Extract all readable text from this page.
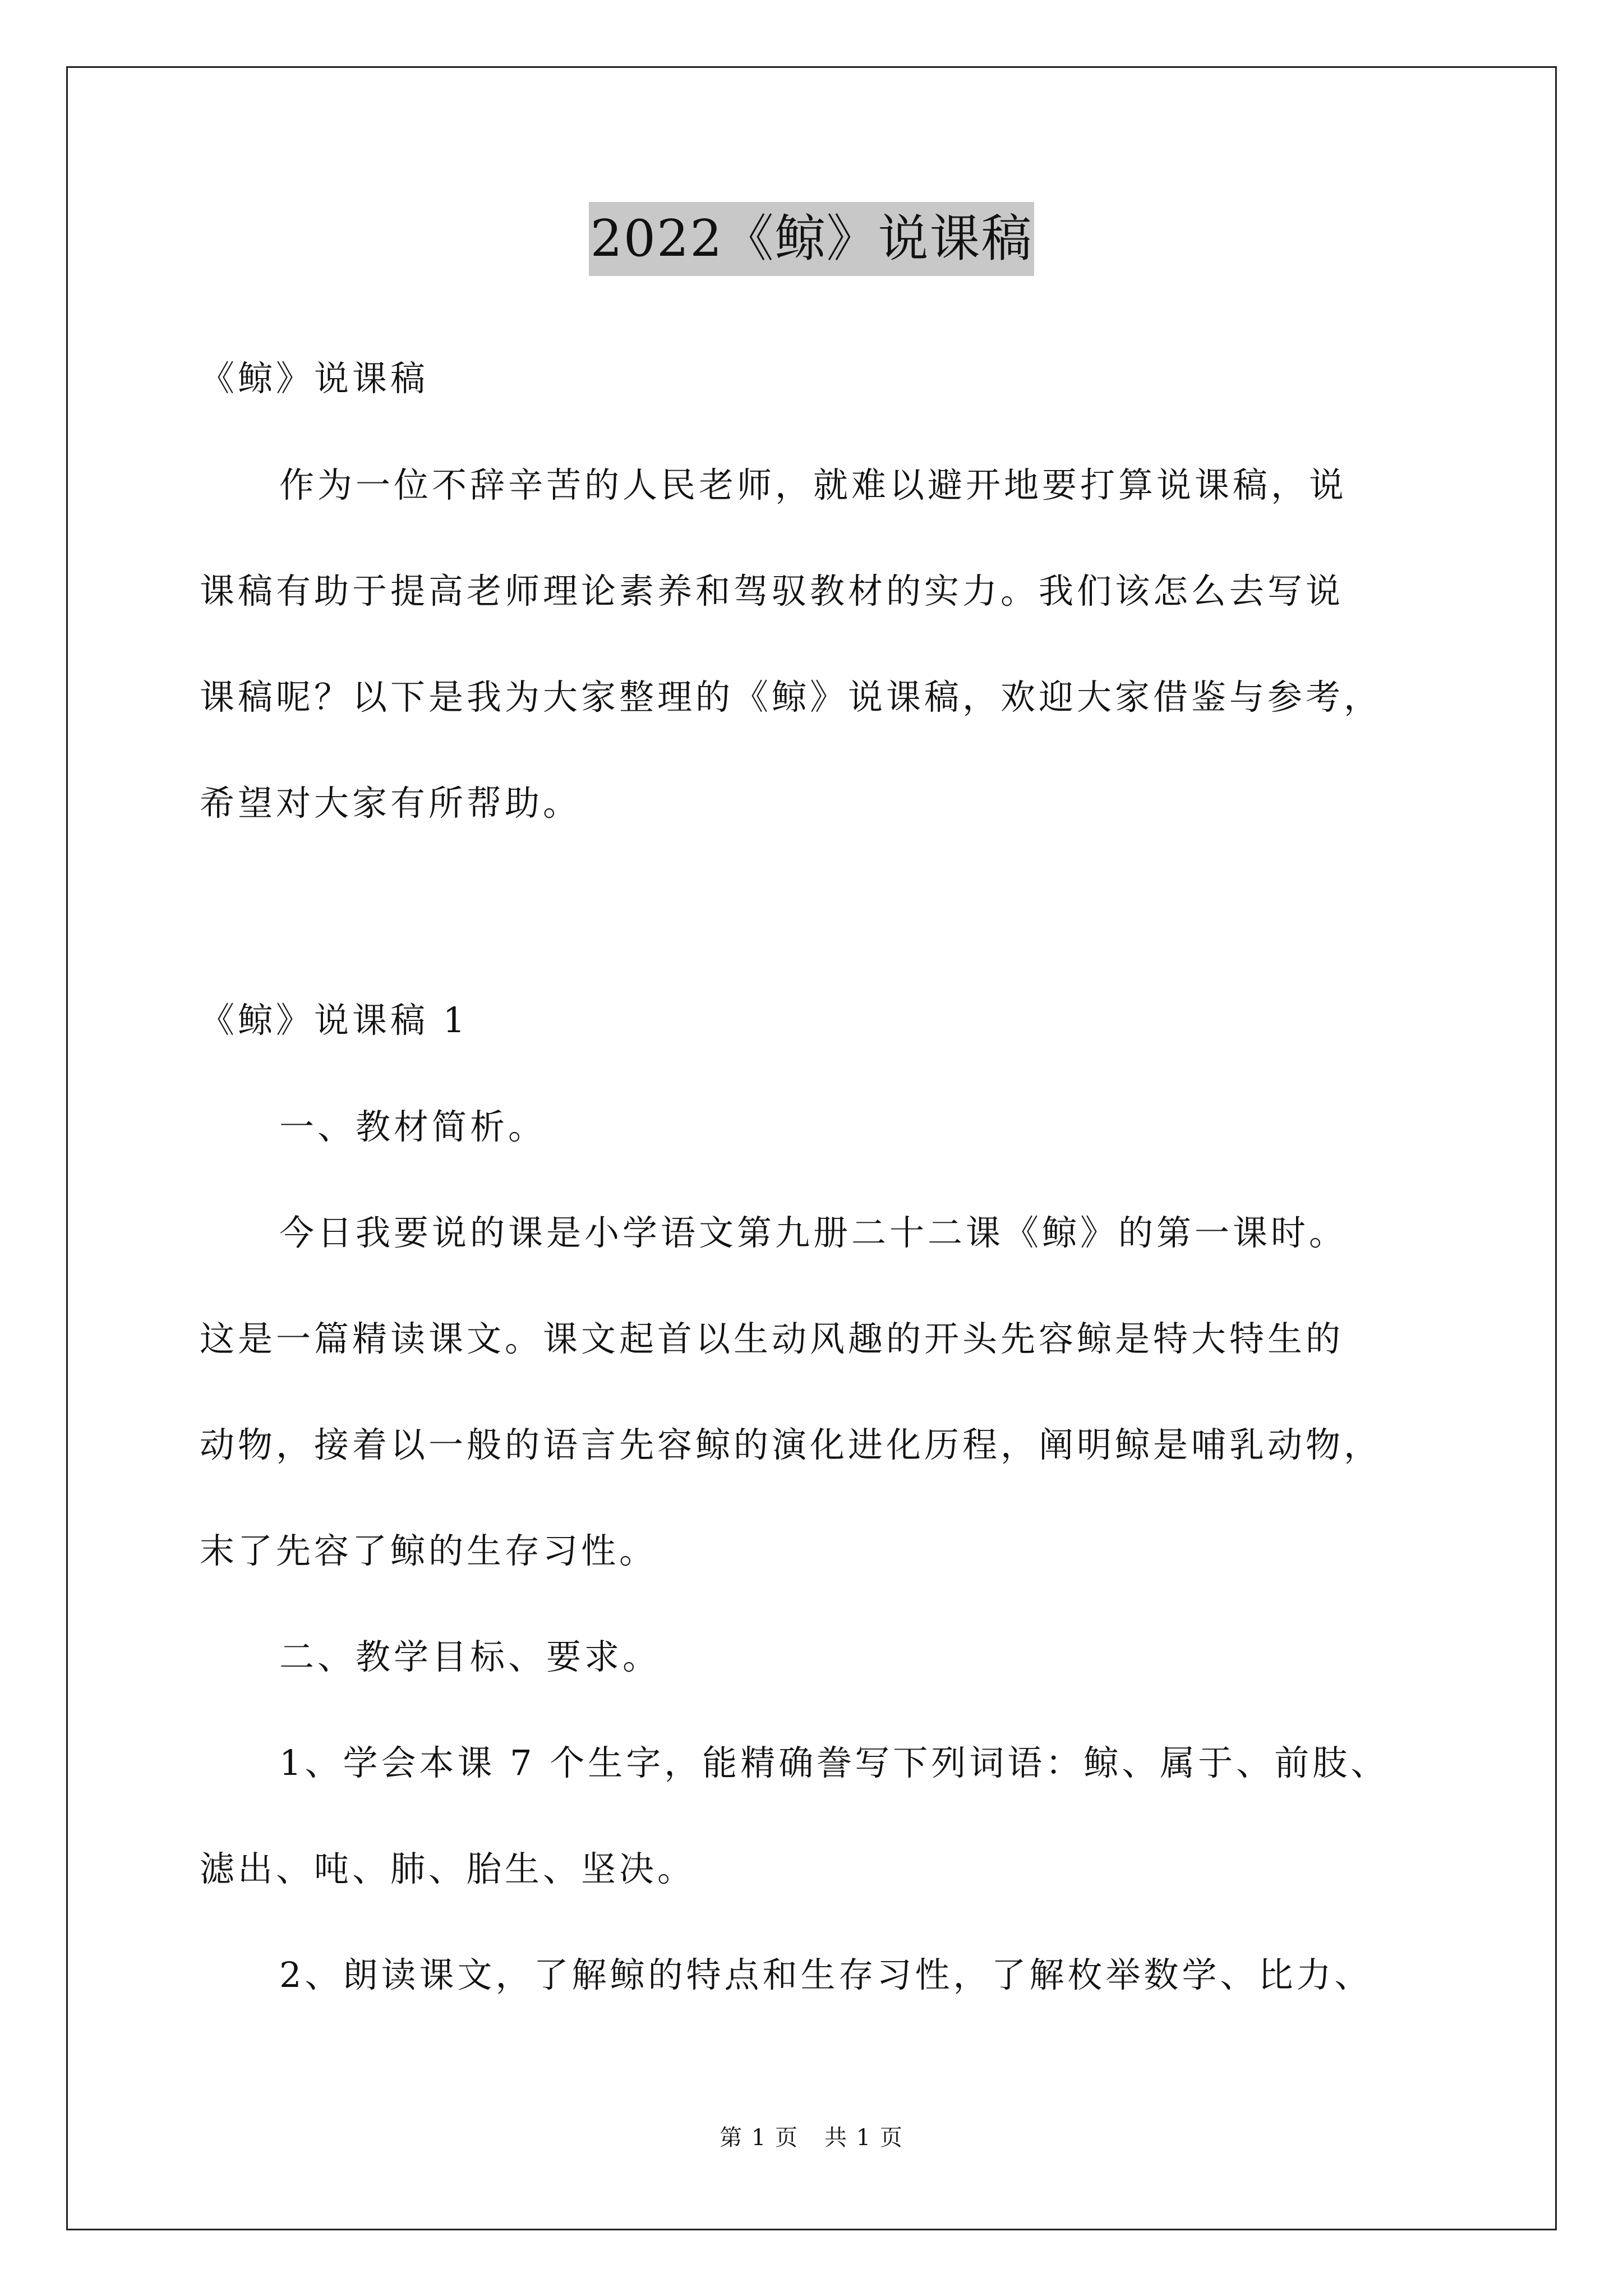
2022《鲸》说课稿
《鲸》说课稿
作为一位不辞辛苦的人民老师，就难以避开地要打算说课稿，说
课稿有助于提高老师理论素养和驾驭教材的实力。我们该怎么去写说
课稿呢？以下是我为大家整理的《鲸》说课稿，欢迎大家借鉴与参考，
希望对大家有所帮助。
《鲸》说课稿 1
一、教材简析。
今日我要说的课是小学语文第九册二十二课《鲸》的第一课时。
这是一篇精读课文。课文起首以生动风趣的开头先容鲸是特大特生的
动物，接着以一般的语言先容鲸的演化进化历程，阐明鲸是哺乳动物，
末了先容了鲸的生存习性。
二、教学目标、要求。
1、学会本课 7 个生字，能精确誊写下列词语：鲸、属于、前肢、
滤出、吨、肺、胎生、坚决。
2、朗读课文，了解鲸的特点和生存习性，了解枚举数学、比力、
第 1 页 共 1 页
